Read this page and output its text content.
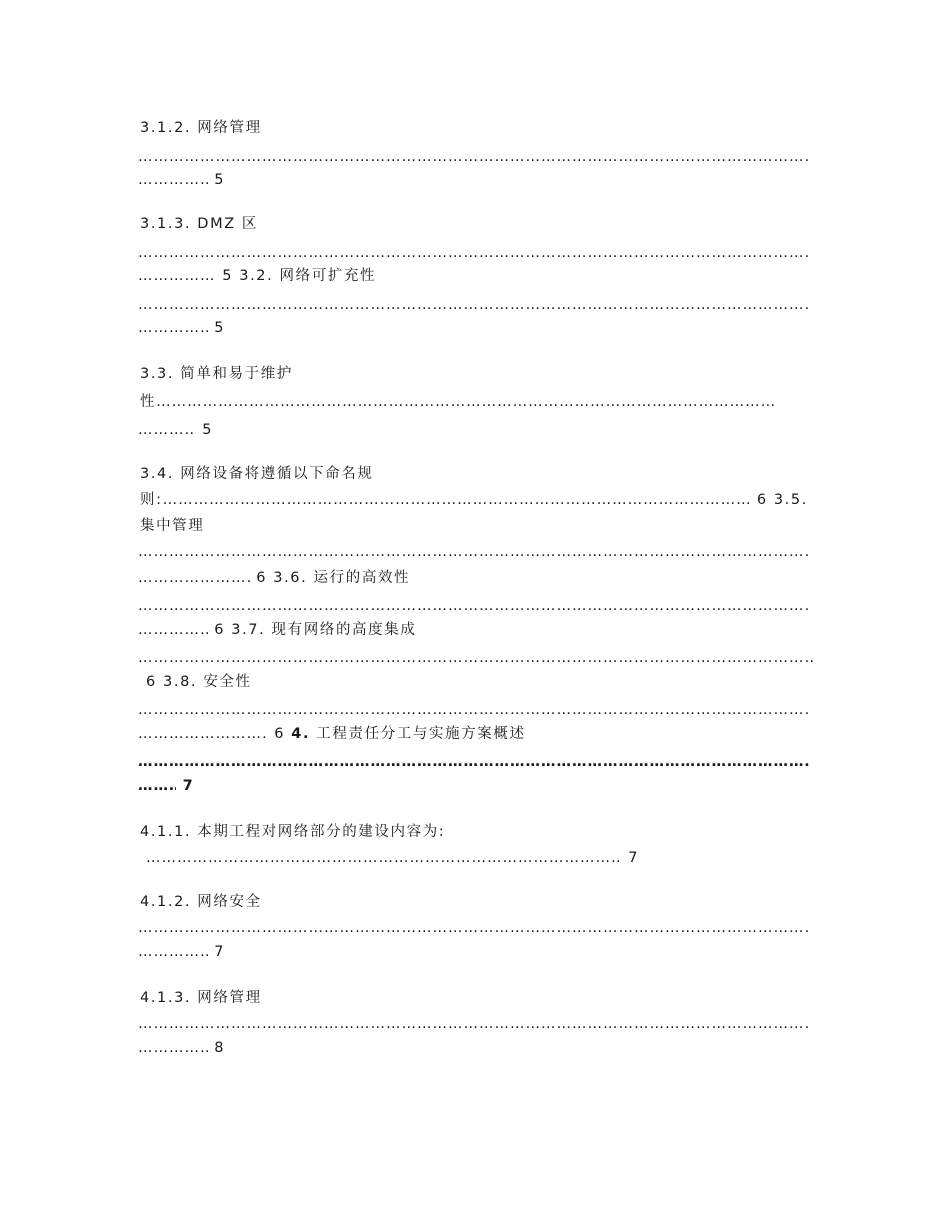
3.1.2. 网络管理
……………………………………………………………………………………………………………………………………………………………………………………………………………………………
…………………………………………………………………………………………………………………………………………………………………………………………………………………………… 5
3.1.3. DMZ 区
……………………………………………………………………………………………………………………………………………………………………………………………………………………………
…………………………………………………………………………………………………………………………………………………………………………………………………………………………… 5 3.2. 网络可扩充性
……………………………………………………………………………………………………………………………………………………………………………………………………………………………
…………………………………………………………………………………………………………………………………………………………………………………………………………………………… 5
3.3. 简单和易于维护
性……………………………………………………………………………………………………………………………………………………………………………………………………………………………
…………………………………………………………………………………………………………………………………………………………………………………………………………………………… 5
3.4. 网络设备将遵循以下命名规
则: ……………………………………………………………………………………………………………………………………………………………………………………………………………………………	6 3.5.
集中管理
……………………………………………………………………………………………………………………………………………………………………………………………………………………………
…………………………………………………………………………………………………………………………………………………………………………………………………………………………… 6 3.6. 运行的高效性
……………………………………………………………………………………………………………………………………………………………………………………………………………………………
…………………………………………………………………………………………………………………………………………………………………………………………………………………………… 6 3.7. 现有网络的高度集成
……………………………………………………………………………………………………………………………………………………………………………………………………………………………
6 3.8. 安全性
……………………………………………………………………………………………………………………………………………………………………………………………………………………………
…………………………………………………………………………………………………………………………………………………………………………………………………………………………… 6 4. 工程责任分工与实施方案概述
……………………………………………………………………………………………………………………………………………………………………………………………………………………………
…………………………………………………………………………………………………………………………………………………………………………………………………………………………… 7
4.1.1. 本期工程对网络部分的建设内容为:
…………………………………………………………………………………………………………………………………………………………………………………………………………………………… 7
4.1.2. 网络安全
……………………………………………………………………………………………………………………………………………………………………………………………………………………………
…………………………………………………………………………………………………………………………………………………………………………………………………………………………… 7
4.1.3. 网络管理
……………………………………………………………………………………………………………………………………………………………………………………………………………………………
…………………………………………………………………………………………………………………………………………………………………………………………………………………………… 8
